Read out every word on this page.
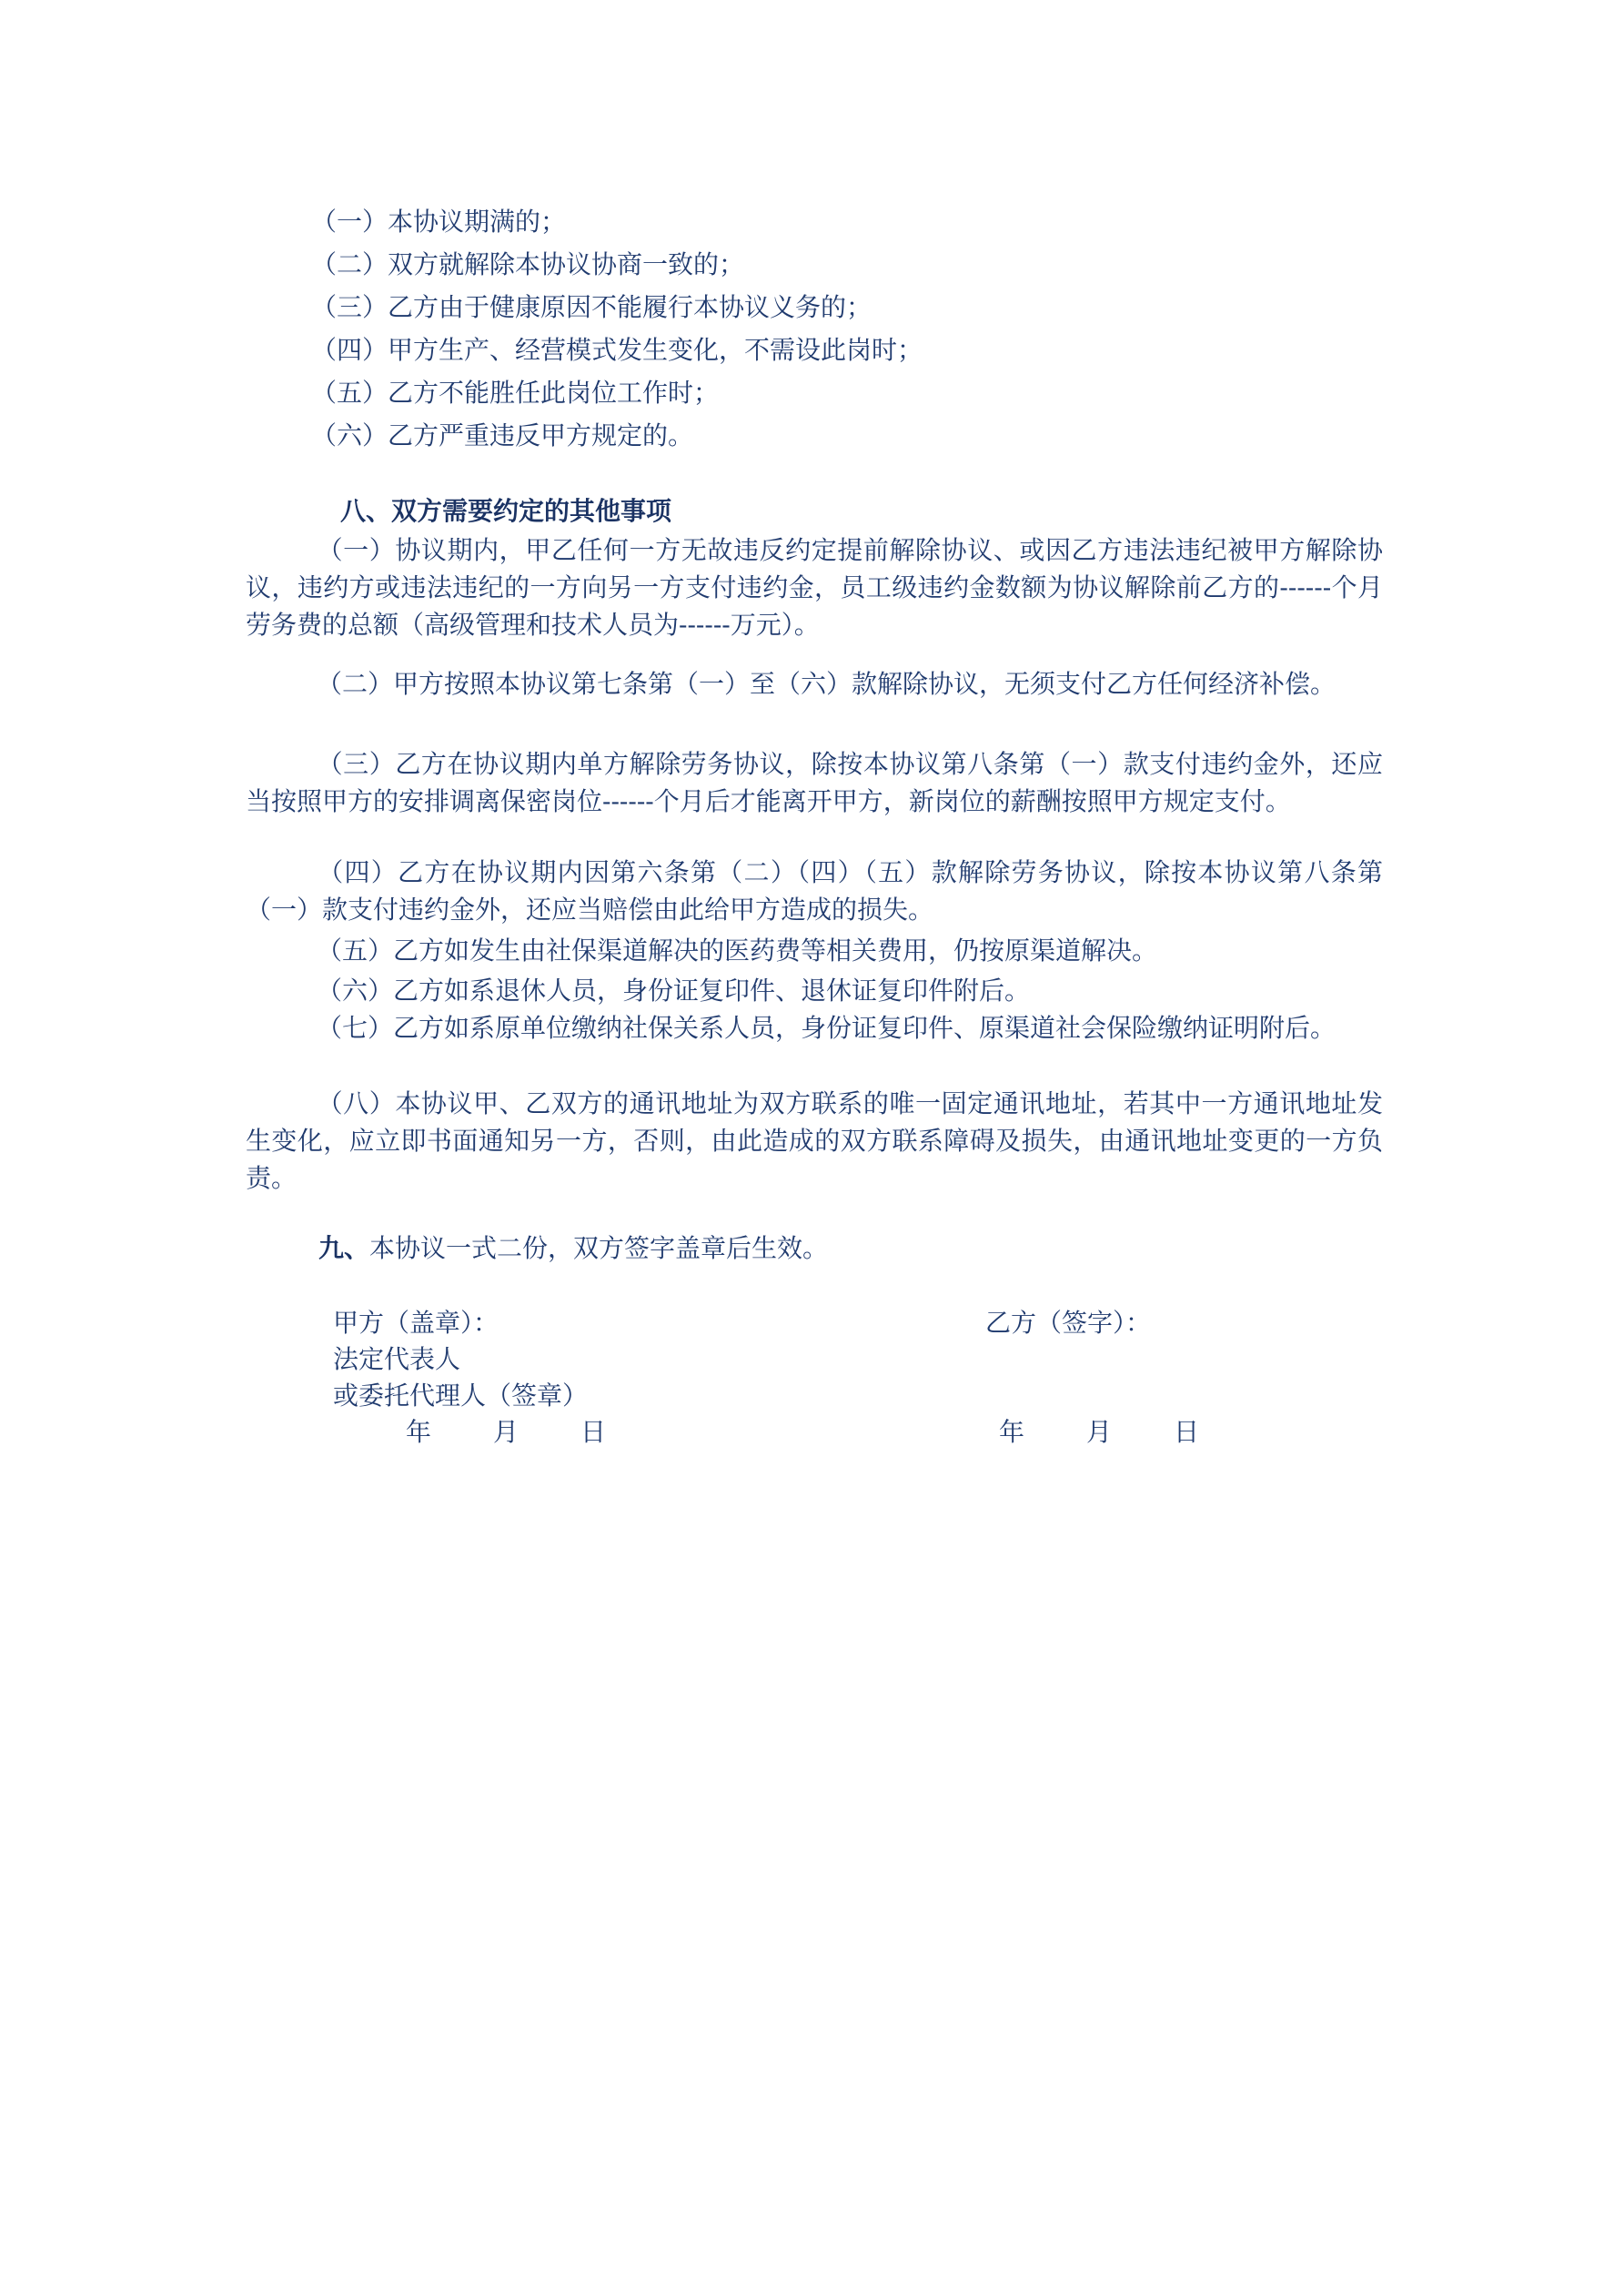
（一）本协议期满的；
（二）双方就解除本协议协商一致的；
（三）乙方由于健康原因不能履行本协议义务的；
（四）甲方生产、经营模式发生变化，不需设此岗时；
（五）乙方不能胜任此岗位工作时；
（六）乙方严重违反甲方规定的。
八、双方需要约定的其他事项
（一）协议期内，甲乙任何一方无故违反约定提前解除协议、或因乙方违法违纪被甲方解除协议，违约方或违法违纪的一方向另一方支付违约金，员工级违约金数额为协议解除前乙方的------个月劳务费的总额（高级管理和技术人员为------万元）。
（二）甲方按照本协议第七条第（一）至（六）款解除协议，无须支付乙方任何经济补偿。
（三）乙方在协议期内单方解除劳务协议，除按本协议第八条第（一）款支付违约金外，还应当按照甲方的安排调离保密岗位------个月后才能离开甲方，新岗位的薪酬按照甲方规定支付。
（四）乙方在协议期内因第六条第（二）（四）（五）款解除劳务协议，除按本协议第八条第（一）款支付违约金外，还应当赔偿由此给甲方造成的损失。
（五）乙方如发生由社保渠道解决的医药费等相关费用，仍按原渠道解决。
（六）乙方如系退休人员，身份证复印件、退休证复印件附后。
（七）乙方如系原单位缴纳社保关系人员，身份证复印件、原渠道社会保险缴纳证明附后。
（八）本协议甲、乙双方的通讯地址为双方联系的唯一固定通讯地址，若其中一方通讯地址发生变化，应立即书面通知另一方，否则，由此造成的双方联系障碍及损失，由通讯地址变更的一方负责。
九、本协议一式二份，双方签字盖章后生效。
甲方（盖章）：	乙方（签字）：
法定代表人
或委托代理人（签章）
年 月 日	年 月 日
